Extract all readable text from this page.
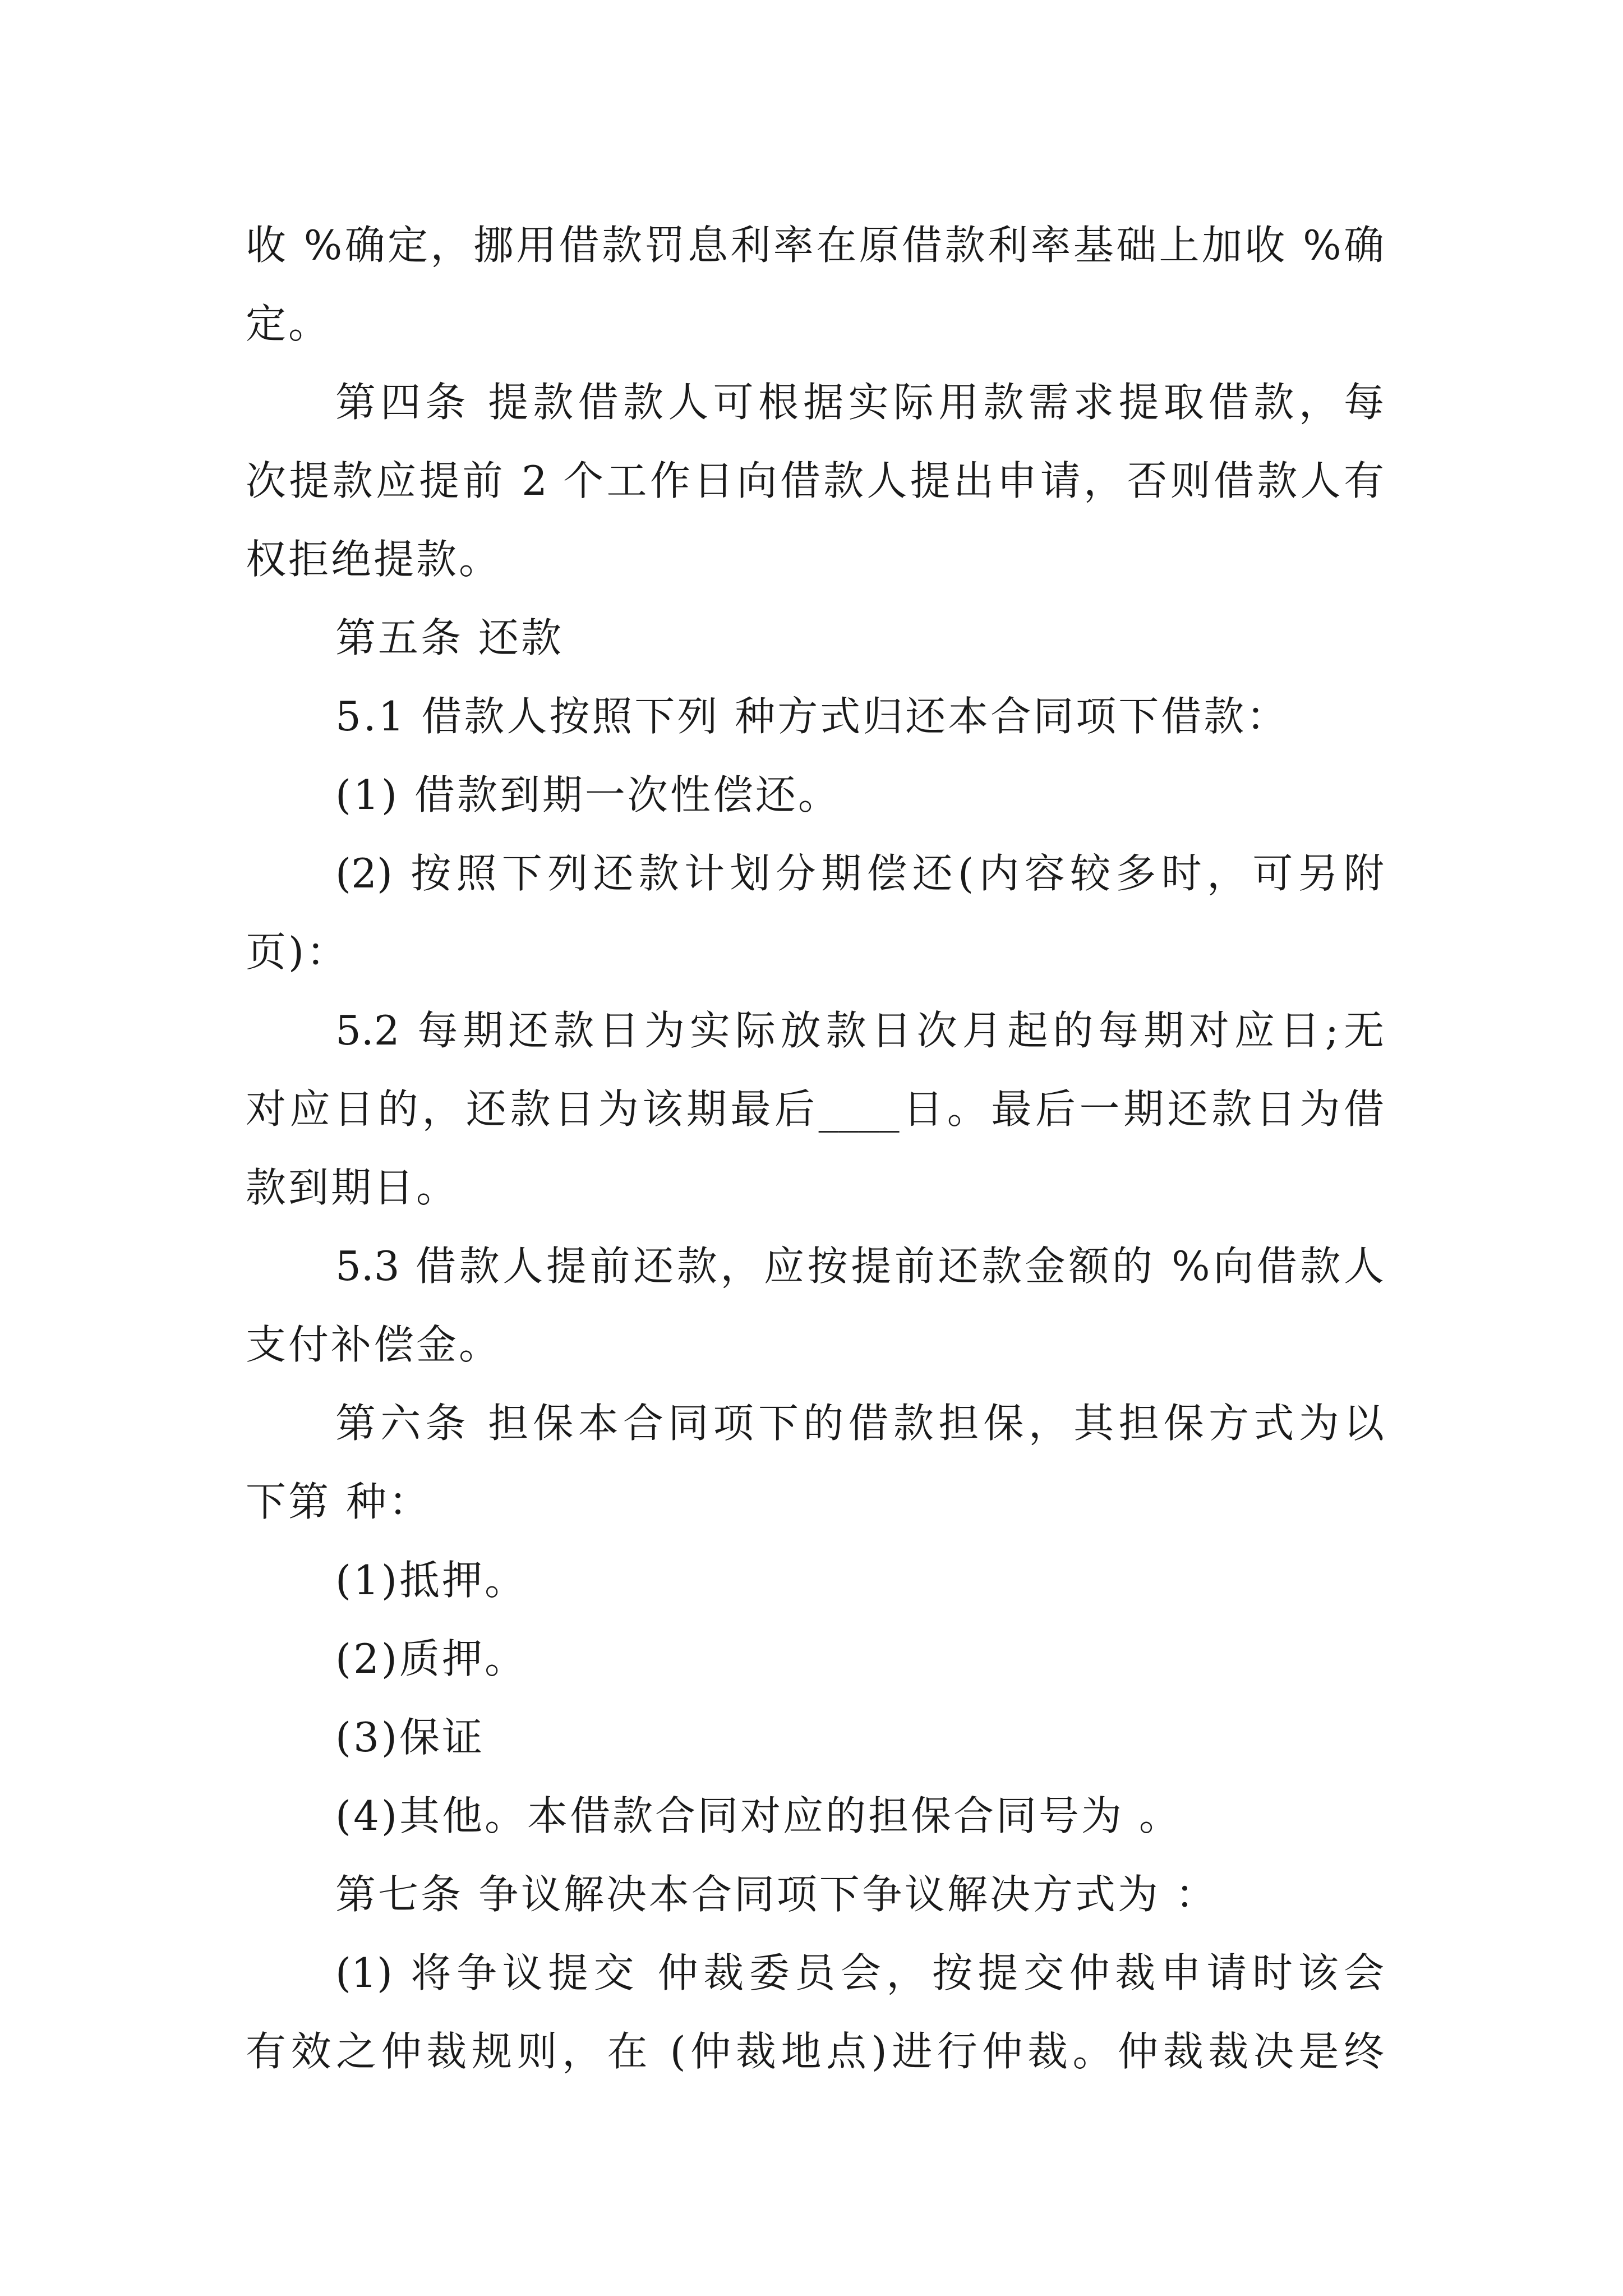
收 %确定，挪用借款罚息利率在原借款利率基础上加收 %确
定。
第四条 提款借款人可根据实际用款需求提取借款，每
次提款应提前 2 个工作日向借款人提出申请，否则借款人有
权拒绝提款。
第五条 还款
5.1 借款人按照下列 种方式归还本合同项下借款：
(1) 借款到期一次性偿还。
(2) 按照下列还款计划分期偿还(内容较多时，可另附
页)：
5.2 每期还款日为实际放款日次月起的每期对应日;无
对应日的，还款日为该期最后____日。最后一期还款日为借
款到期日。
5.3 借款人提前还款，应按提前还款金额的 %向借款人
支付补偿金。
第六条 担保本合同项下的借款担保，其担保方式为以
下第 种：
(1)抵押。
(2)质押。
(3)保证
(4)其他。本借款合同对应的担保合同号为 。
第七条 争议解决本合同项下争议解决方式为 ：
(1) 将争议提交 仲裁委员会，按提交仲裁申请时该会
有效之仲裁规则，在 (仲裁地点)进行仲裁。仲裁裁决是终
